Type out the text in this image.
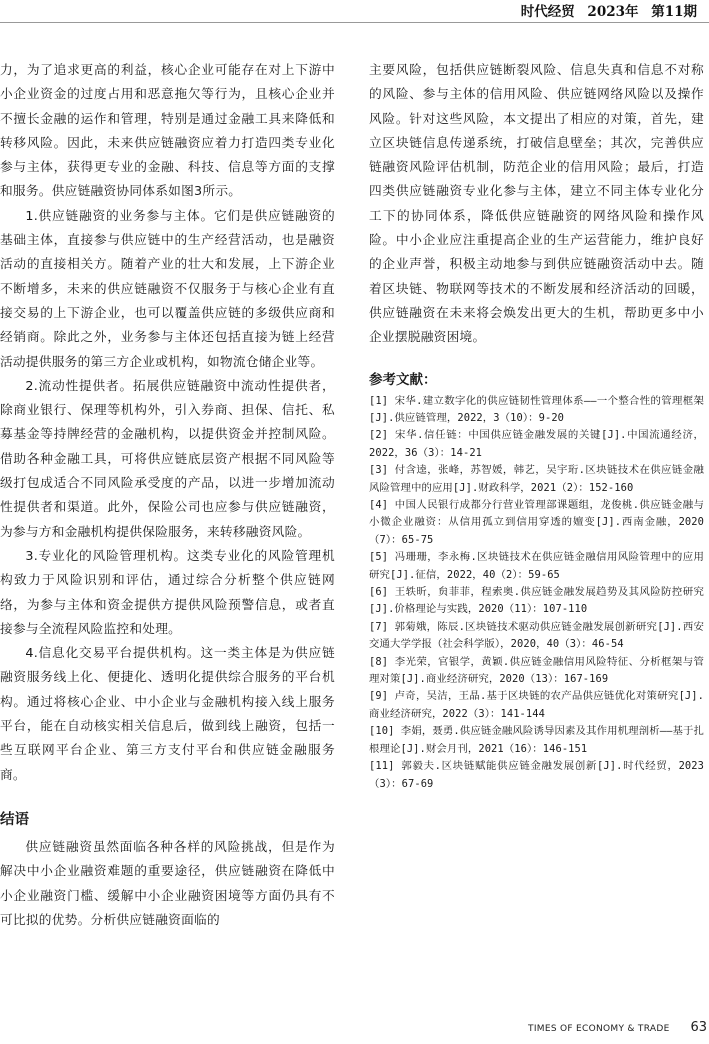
时代经贸 2023年 第11期

力，为了追求更高的利益，核心企业可能存在对上下游中小企业资金的过度占用和恶意拖欠等行为，且核心企业并不擅长金融的运作和管理，特别是通过金融工具来降低和转移风险。因此，未来供应链融资应着力打造四类专业化参与主体，获得更专业的金融、科技、信息等方面的支撑和服务。供应链融资协同体系如图3所示。

1.供应链融资的业务参与主体。它们是供应链融资的基础主体，直接参与供应链中的生产经营活动，也是融资活动的直接相关方。随着产业的壮大和发展，上下游企业不断增多，未来的供应链融资不仅服务于与核心企业有直接交易的上下游企业，也可以覆盖供应链的多级供应商和经销商。除此之外，业务参与主体还包括直接为链上经营活动提供服务的第三方企业或机构，如物流仓储企业等。

2.流动性提供者。拓展供应链融资中流动性提供者，除商业银行、保理等机构外，引入券商、担保、信托、私募基金等持牌经营的金融机构，以提供资金并控制风险。借助各种金融工具，可将供应链底层资产根据不同风险等级打包成适合不同风险承受度的产品，以进一步增加流动性提供者和渠道。此外，保险公司也应参与供应链融资，为参与方和金融机构提供保险服务，来转移融资风险。

3.专业化的风险管理机构。这类专业化的风险管理机构致力于风险识别和评估，通过综合分析整个供应链网络，为参与主体和资金提供方提供风险预警信息，或者直接参与全流程风险监控和处理。

4.信息化交易平台提供机构。这一类主体是为供应链融资服务线上化、便捷化、透明化提供综合服务的平台机构。通过将核心企业、中小企业与金融机构接入线上服务平台，能在自动核实相关信息后，做到线上融资，包括一些互联网平台企业、第三方支付平台和供应链金融服务商。

结语

供应链融资虽然面临各种各样的风险挑战，但是作为解决中小企业融资难题的重要途径，供应链融资在降低中小企业融资门槛、缓解中小企业融资困境等方面仍具有不可比拟的优势。分析供应链融资面临的

主要风险，包括供应链断裂风险、信息失真和信息不对称的风险、参与主体的信用风险、供应链网络风险以及操作风险。针对这些风险，本文提出了相应的对策，首先，建立区块链信息传递系统，打破信息壁垒；其次，完善供应链融资风险评估机制，防范企业的信用风险；最后，打造四类供应链融资专业化参与主体，建立不同主体专业化分工下的协同体系，降低供应链融资的网络风险和操作风险。中小企业应注重提高企业的生产运营能力，维护良好的企业声誉，积极主动地参与到供应链融资活动中去。随着区块链、物联网等技术的不断发展和经济活动的回暖，供应链融资在未来将会焕发出更大的生机，帮助更多中小企业摆脱融资困境。

参考文献：

[1] 宋华.建立数字化的供应链韧性管理体系——一个整合性的管理框架[J].供应链管理，2022，3（10）：9-20

[2] 宋华.信任链：中国供应链金融发展的关键[J].中国流通经济，2022，36（3）：14-21

[3] 付含逵，张峰，苏智媛，韩艺，吴宇珩.区块链技术在供应链金融风险管理中的应用[J].财政科学，2021（2）：152-160

[4] 中国人民银行成都分行营业管理部课题组，龙俊桃.供应链金融与小微企业融资：从信用孤立到信用穿透的嬗变[J].西南金融，2020（7）：65-75

[5] 冯珊珊，李永梅.区块链技术在供应链金融信用风险管理中的应用研究[J].征信，2022，40（2）：59-65

[6] 王轶昕，贠菲菲，程索奥.供应链金融发展趋势及其风险防控研究[J].价格理论与实践，2020（11）：107-110

[7] 郭菊娥，陈辰.区块链技术驱动供应链金融发展创新研究[J].西安交通大学学报（社会科学版），2020，40（3）：46-54

[8] 李光荣，官银学，黄颖.供应链金融信用风险特征、分析框架与管理对策[J].商业经济研究，2020（13）：167-169

[9] 卢奇，吴洁，王晶.基于区块链的农产品供应链优化对策研究[J].商业经济研究，2022（3）：141-144

[10] 李娟，聂勇.供应链金融风险诱导因素及其作用机理剖析——基于扎根理论[J].财会月刊，2021（16）：146-151

[11] 郭毅夫.区块链赋能供应链金融发展创新[J].时代经贸，2023（3）：67-69

TIMES OF ECONOMY & TRADE 63
